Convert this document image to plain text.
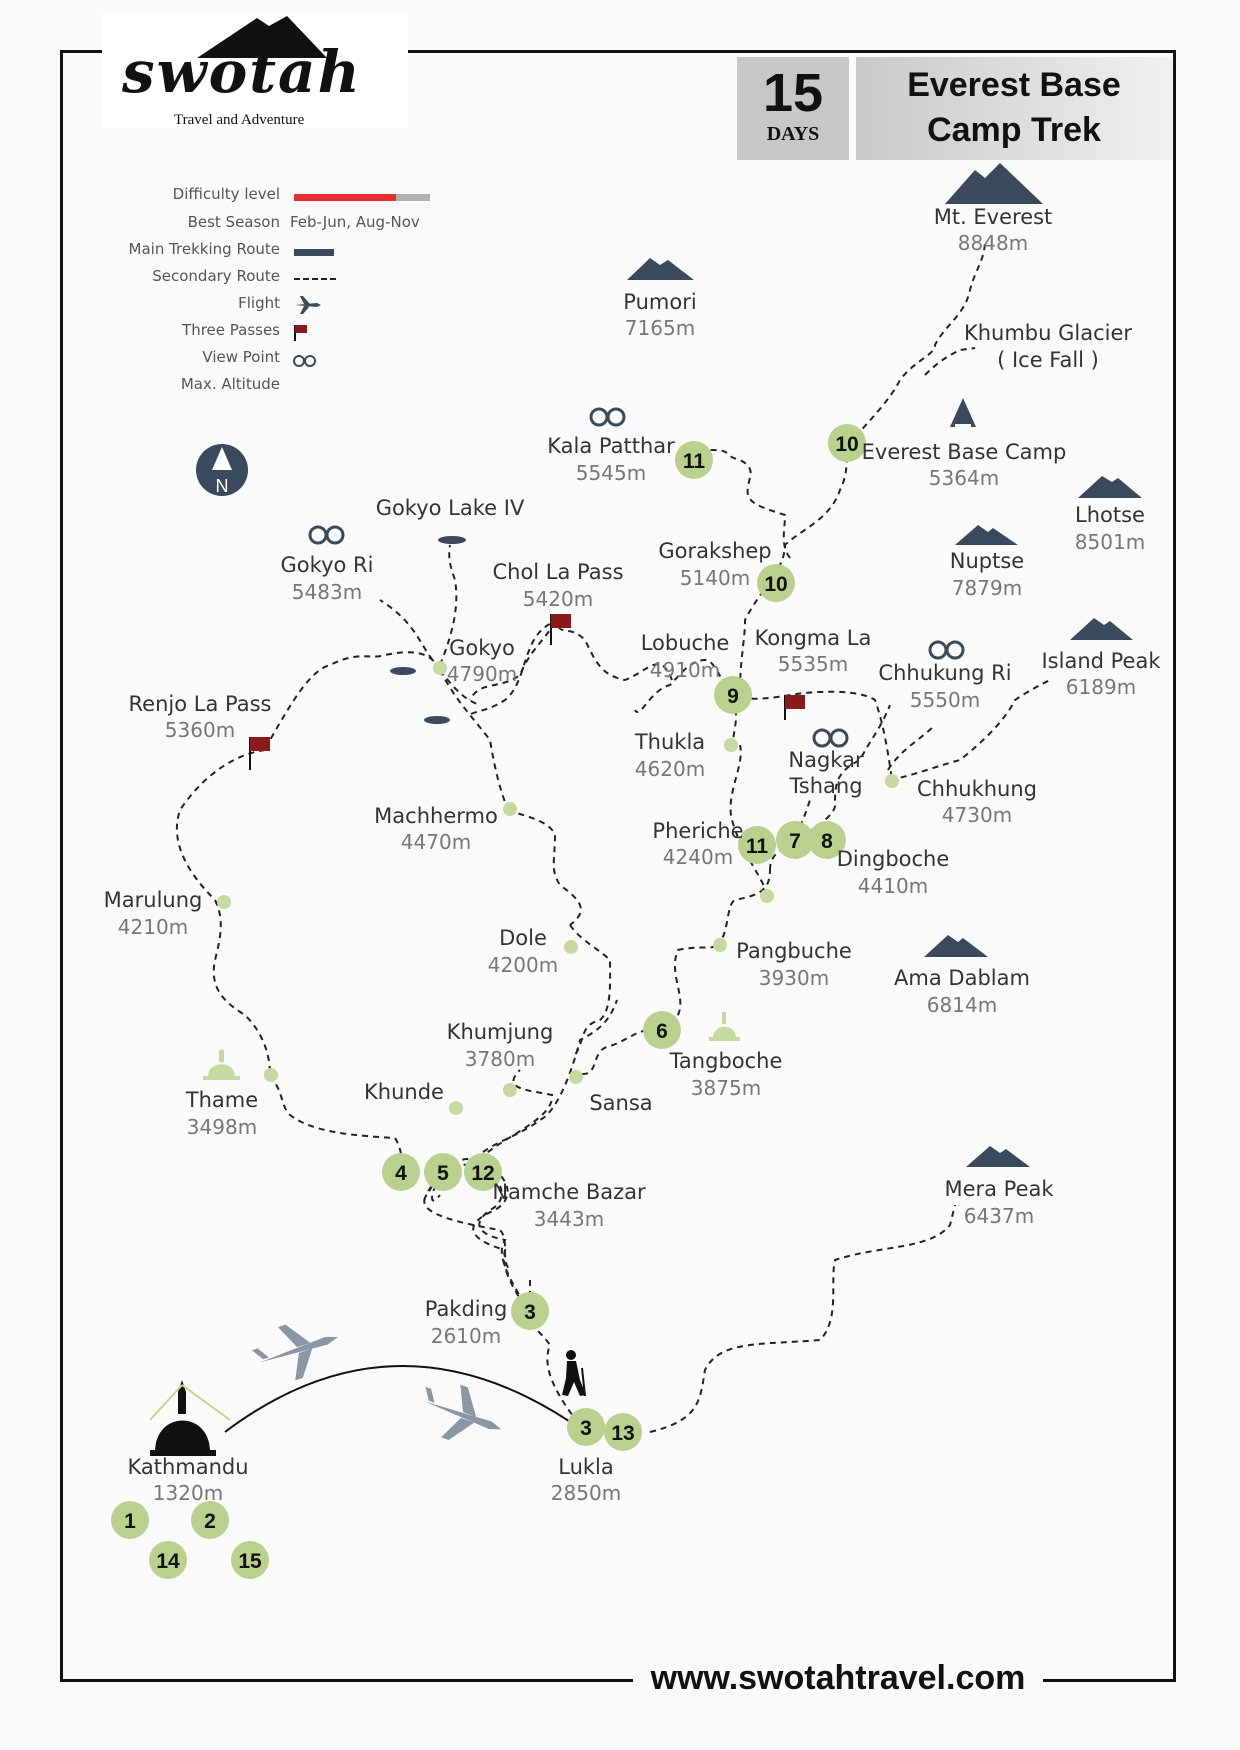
1	2
14	15
3 13
3
4 5 12
6
11 7 8
9
10
10
11
N
Mt. Everest
8848m
Pumori
7165m	Khumbu Glacier
( Ice Fall )
Everest Base Camp
5364m
Kala Patthar
5545m
Lhotse
8501m
Gorakshep
5140m
Nuptse
7879m
Gokyo Lake IV
Gokyo Ri
5483m
Chol La Pass
5420m
Gokyo
4790m
Lobuche
4910m
Kongma La
5535m Chhukung Ri
5550m
Island Peak
6189m
Renjo La Pass
5360m	Thukla
4620m	Nagkar
Tshang	Chhukhung
4730m
Machhermo
4470m	Pheriche
4240m	Dingboche
4410m
Marulung
4210m	Dole
4200m
Pangbuche
3930m	Ama Dablam
6814m
Khumjung
3780m	Tangboche
3875m
Thame
3498m
Khunde	Sansa
Namche Bazar
3443m
Mera Peak
6437m
Pakding
2610m
Lukla
2850m
Kathmandu
1320m
swotah
Travel and Adventure	15
DAYS
Everest Base
Camp Trek
Difficulty level
Best Season Feb-Jun, Aug-Nov
Main Trekking Route
Secondary Route
Flight
Three Passes
View Point
Max. Altitude
www.swotahtravel.com
